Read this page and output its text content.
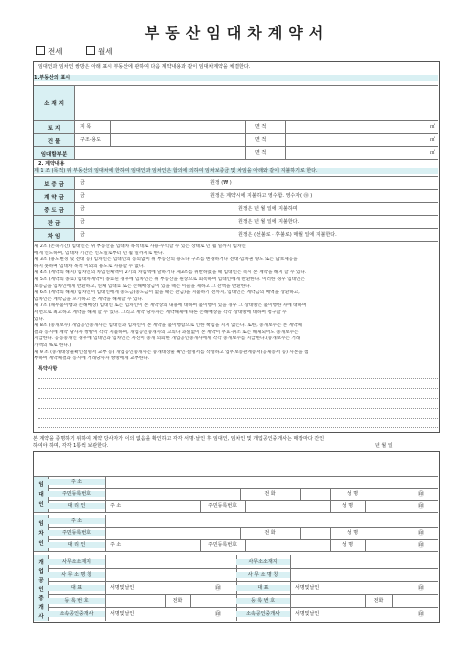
부동산임대차계약서
전세	월세
임대인과 임차인 쌍방은 아래 표시 부동산에 관하여 다음 계약내용과 같이 임대차계약을 체결한다.
1.부동산의 표시
소 재 지
토 지	지 목	면 적	㎡
건 물	구조·용도	면 적	㎡
임대할부분	면 적	㎡
2. 계약내용
제 1 조 (목적) 위 부동산의 임대차에 한하여 임대인과 임차인은 합의에 의하여 임차보증금 및 차임을 아래와 같이 지불하기로 한다.
보 증 금	금	원정 (₩ )
계 약 금	금	원정은 계약시에 지불하고 영수함. 영수자( ㊞ )
중 도 금	금	원정은 년 월 일에 지불하며
잔 금	금	원정은 년 월 일에 지불한다.
차 임	금	원정은 (선불로 · 후불로) 매월 일에 지불한다.
제 2조 (존속기간) 임대인은 위 부동산을 임대차 목적대로 사용·수익할 수 있는 상태로 년 월 일까지 임차인
에게 인도하며, 임대차 기간은 인도일로부터 년 월 일까지로 한다.
제 3조 (용도변경 및 전대 등) 임차인은 임대인의 동의없이 위 부동산의 용도나 구조를 변경하거나 전대·임차권 양도 또는 담보제공을
하지 못하며 임대차 목적 이외의 용도로 사용할 수 없다.
제 4조 (계약의 해지) 임차인의 차임연체액이 2기의 차임액에 달하거나 제3조를 위반하였을 때 임대인은 즉시 본 계약을 해지 할 수 있다.
제 5조 (계약의 종료) 임대차계약이 종료된 경우에 임차인은 위 부동산을 원상으로 회복하여 임대인에게 반환한다. 이러한 경우 임대인은
보증금을 임차인에게 반환하고, 연체 임대료 또는 손해배상금이 있을 때는 이들을 제하고 그 잔액을 반환한다.
제 6조 (계약의 해제) 임차인이 임대인에게 중도금(중도금이 없을 때는 잔금)을 지불하기 전까지, 임대인은 계약금의 배액을 상환하고,
임차인은 계약금을 포기하고 본 계약을 해제할 수 있다.
제 7조 (채무불이행과 손해배상) 임대인 또는 임차인이 본 계약상의 내용에 대하여 불이행이 있을 경우 그 상대방은 불이행한 자에 대하여
서면으로 최고하고 계약을 해제 할 수 있다. 그리고 계약 당사자는 계약해제에 따른 손해배상을 각각 상대방에 대하여 청구할 수
있다.
제 8조 (중개보수) 개업공인중개사는 임대인과 임차인이 본 계약을 불이행함으로 인한 책임을 지지 않는다. 또한, 중개보수는 본 계약체
결과 동시에 계약 당사자 쌍방이 각각 지불하며, 개업공인중개사의 고의나 과실없이 본 계약이 무효·취소 또는 해제되어도 중개보수는
지급한다. 공동중개인 경우에 임대인과 임차인은 자신이 중개 의뢰한 개업공인중개사에게 각각 중개보수를 지급한다.(중개보수는 거래
가액의 %로 한다.)
제 9 조 (중개대상물확인설명서 교부 등) 개업공인중개사는 중개대상물 확인·설명서를 작성하고 업무보증관계증서(공제증서 등) 사본을 첨
부하여 계약체결과 동시에 거래당사자 쌍방에게 교부한다.
특약사항
본 계약을 증명하기 위하여 계약 당사자가 이의 없음을 확인하고 각각 서명·날인 후 임대인, 임차인 및 개업공인중개사는 매장마다 간인
하여야 하며, 각각 1통씩 보관한다.	년 월 일
임
대
인
주 소
주민등록번호	전 화	성 명	㊞
대 리 인	주 소	주민등록번호	성 명	㊞
임
차
인
주 소
주민등록번호	전 화	성 명	㊞
대 리 인	주 소	주민등록번호	성 명	㊞
개
업
공
인
중
개
사
사무소소재지	사무소소재지
사 무 소 명 칭	사 무 소 명 칭
대 표	서명및날인	㊞	대 표	서명및날인	㊞
등 록 번 호	전화	등 록 번 호	전화
소속공인중개사	서명및날인	㊞	소속공인중개사	서명및날인	㊞
